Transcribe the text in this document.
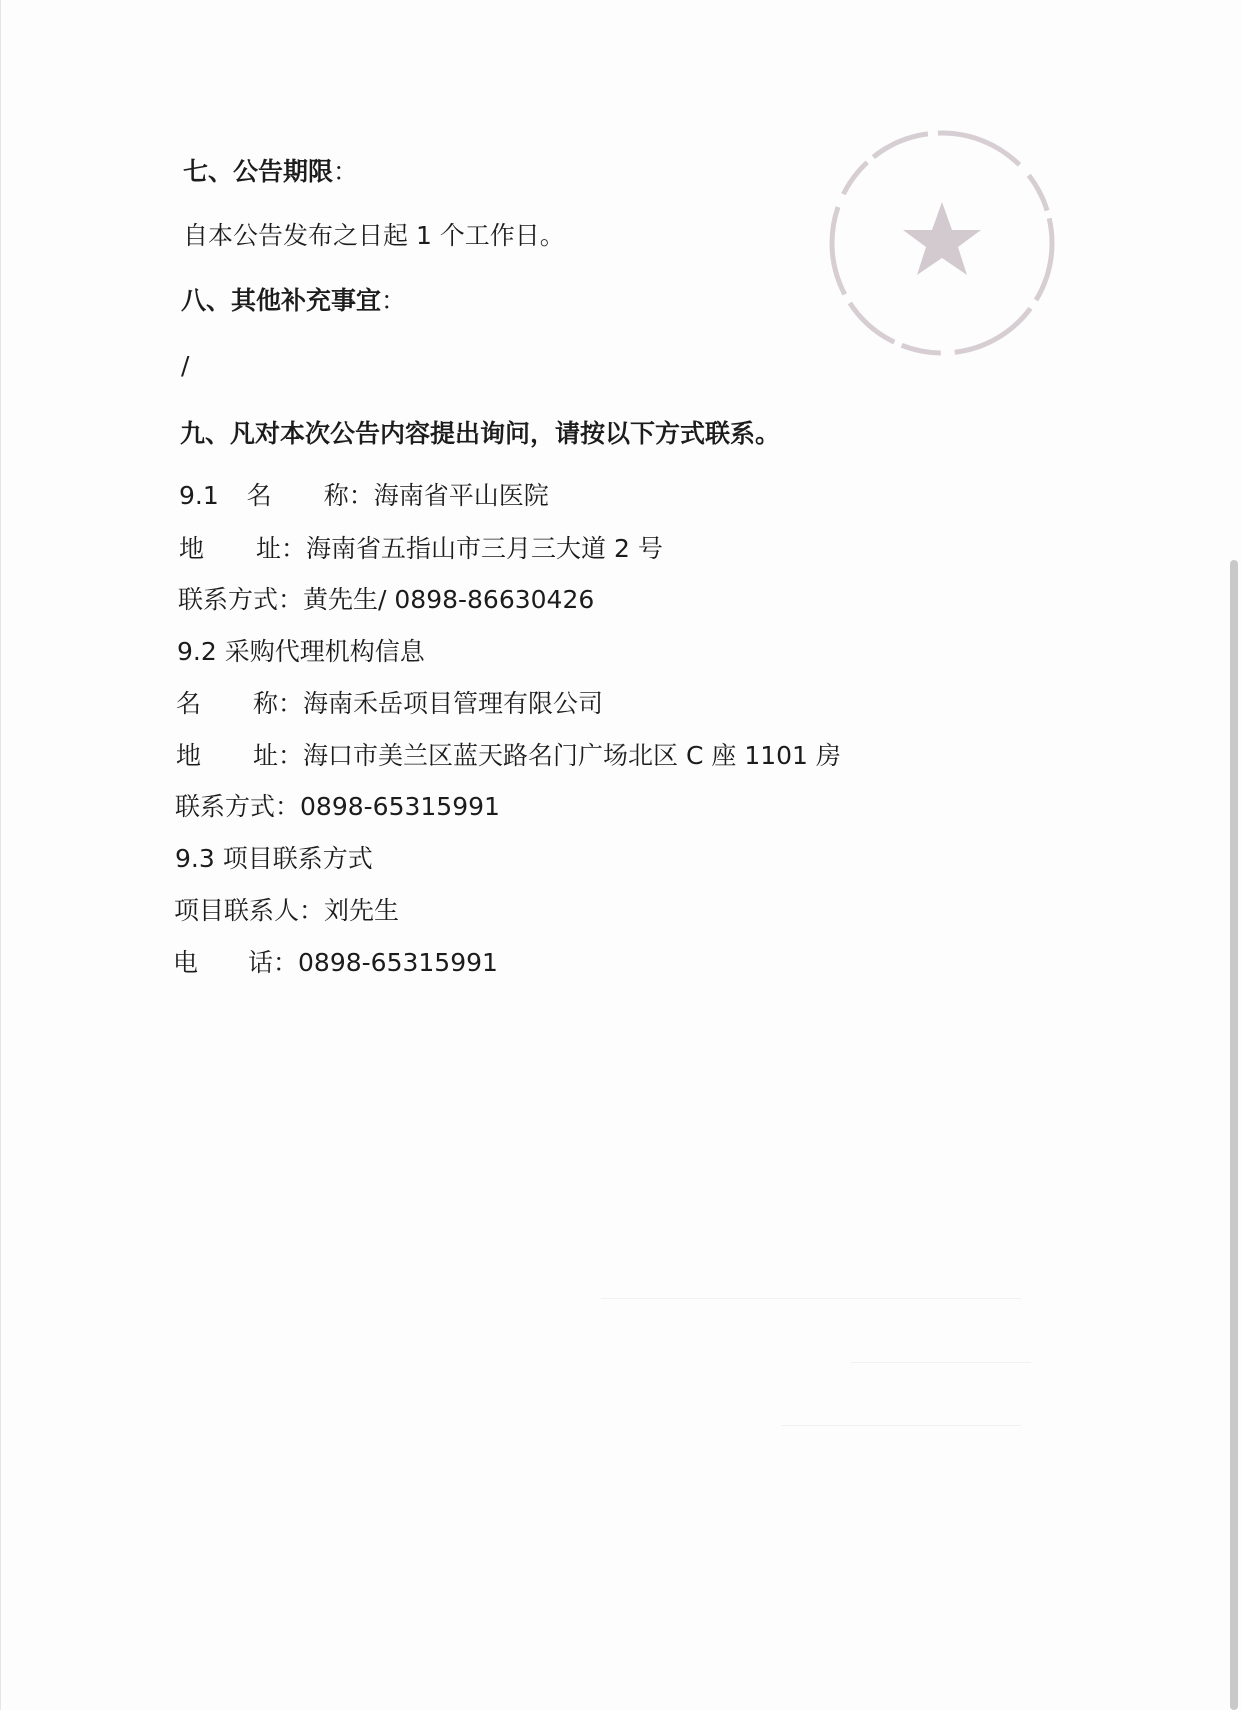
七、公告期限：
自本公告发布之日起 1 个工作日。
八、其他补充事宜：
/
九、凡对本次公告内容提出询问，请按以下方式联系。
9.1 名 称：海南省平山医院
地 址：海南省五指山市三月三大道 2 号
联系方式：黄先生/ 0898-86630426
9.2 采购代理机构信息
名 称：海南禾岳项目管理有限公司
地 址：海口市美兰区蓝天路名门广场北区 C 座 1101 房
联系方式：0898-65315991
9.3 项目联系方式
项目联系人：刘先生
电 话：0898-65315991
